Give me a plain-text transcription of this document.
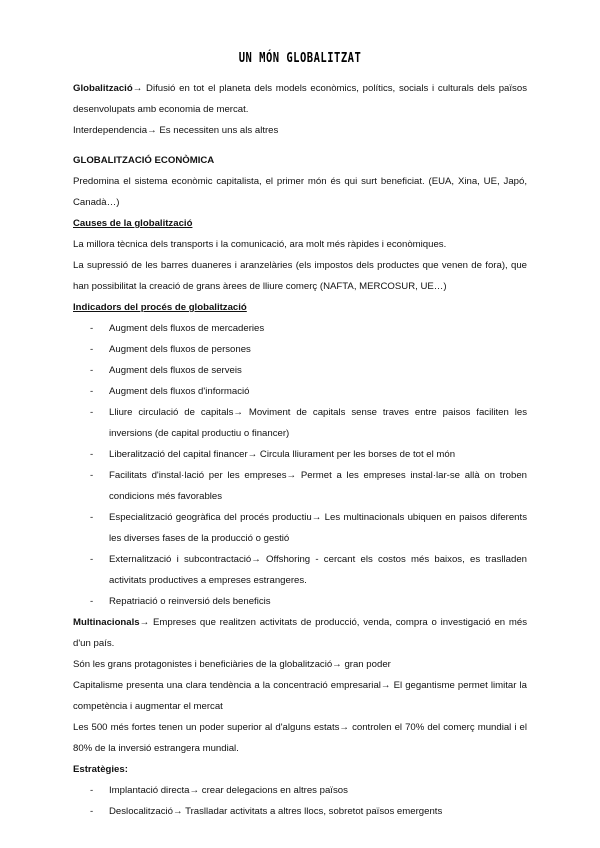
UN MÓN GLOBALITZAT

Globalització→ Difusió en tot el planeta dels models econòmics, polítics, socials i culturals dels països desenvolupats amb economia de mercat.

Interdependencia→ Es necessiten uns als altres

GLOBALITZACIÓ ECONÒMICA

Predomina el sistema econòmic capitalista, el primer món és qui surt beneficiat. (EUA, Xina, UE, Japó, Canadà…)

Causes de la globalització

La millora tècnica dels transports i la comunicació, ara molt més ràpides i econòmiques.

La supressió de les barres duaneres i aranzelàries (els impostos dels productes que venen de fora), que han possibilitat la creació de grans àrees de lliure comerç (NAFTA, MERCOSUR, UE…)

Indicadors del procés de globalització

- Augment dels fluxos de mercaderies
- Augment dels fluxos de persones
- Augment dels fluxos de serveis
- Augment dels fluxos d'informació
- Lliure circulació de capitals→ Moviment de capitals sense traves entre paisos faciliten les inversions (de capital productiu o financer)
- Liberalització del capital financer→ Circula lliurament per les borses de tot el món
- Facilitats d'instal·lació per les empreses→ Permet a les empreses instal·lar-se allà on troben condicions més favorables
- Especialització geogràfica del procés productiu→ Les multinacionals ubiquen en paisos diferents les diverses fases de la producció o gestió
- Externalització i subcontractació→ Offshoring - cercant els costos més baixos, es traslladen activitats productives a empreses estrangeres.
- Repatriació o reinversió dels beneficis

Multinacionals→ Empreses que realitzen activitats de producció, venda, compra o investigació en més d'un país.

Són les grans protagonistes i beneficiàries de la globalització→ gran poder

Capitalisme presenta una clara tendència a la concentració empresarial→ El gegantisme permet limitar la competència i augmentar el mercat

Les 500 més fortes tenen un poder superior al d'alguns estats→ controlen el 70% del comerç mundial i el 80% de la inversió estrangera mundial.

Estratègies:

- Implantació directa→ crear delegacions en altres països
- Deslocalització→ Traslladar activitats a altres llocs, sobretot països emergents
